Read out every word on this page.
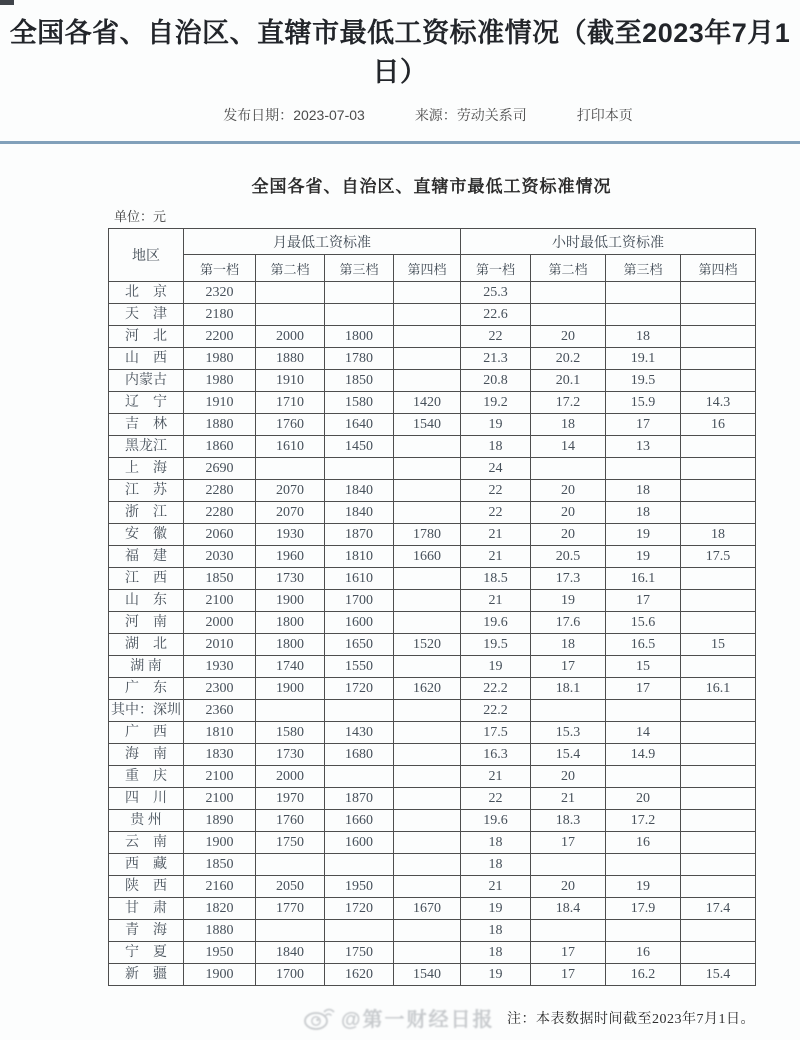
全国各省、自治区、直辖市最低工资标准情况（截至2023年7月1日）
发布日期：2023-07-03	来源：劳动关系司	打印本页
全国各省、自治区、直辖市最低工资标准情况
单位：元
地区	月最低工资标准				小时最低工资标准			
	第一档	第二档	第三档	第四档	第一档	第二档	第三档	第四档
北　京	2320				25.3			
天　津	2180				22.6			
河　北	2200	2000	1800		22	20	18	
山　西	1980	1880	1780		21.3	20.2	19.1	
内蒙古	1980	1910	1850		20.8	20.1	19.5	
辽　宁	1910	1710	1580	1420	19.2	17.2	15.9	14.3
吉　林	1880	1760	1640	1540	19	18	17	16
黑龙江	1860	1610	1450		18	14	13	
上　海	2690				24			
江　苏	2280	2070	1840		22	20	18	
浙　江	2280	2070	1840		22	20	18	
安　徽	2060	1930	1870	1780	21	20	19	18
福　建	2030	1960	1810	1660	21	20.5	19	17.5
江　西	1850	1730	1610		18.5	17.3	16.1	
山　东	2100	1900	1700		21	19	17	
河　南	2000	1800	1600		19.6	17.6	15.6	
湖　北	2010	1800	1650	1520	19.5	18	16.5	15
湖 南	1930	1740	1550		19	17	15	
广　东	2300	1900	1720	1620	22.2	18.1	17	16.1
其中：深圳	2360				22.2			
广　西	1810	1580	1430		17.5	15.3	14	
海　南	1830	1730	1680		16.3	15.4	14.9	
重　庆	2100	2000			21	20		
四　川	2100	1970	1870		22	21	20	
贵 州	1890	1760	1660		19.6	18.3	17.2	
云　南	1900	1750	1600		18	17	16	
西　藏	1850				18			
陕　西	2160	2050	1950		21	20	19	
甘　肃	1820	1770	1720	1670	19	18.4	17.9	17.4
青　海	1880				18			
宁　夏	1950	1840	1750		18	17	16	
新　疆	1900	1700	1620	1540	19	17	16.2	15.4
@第一财经日报 注：本表数据时间截至2023年7月1日。
